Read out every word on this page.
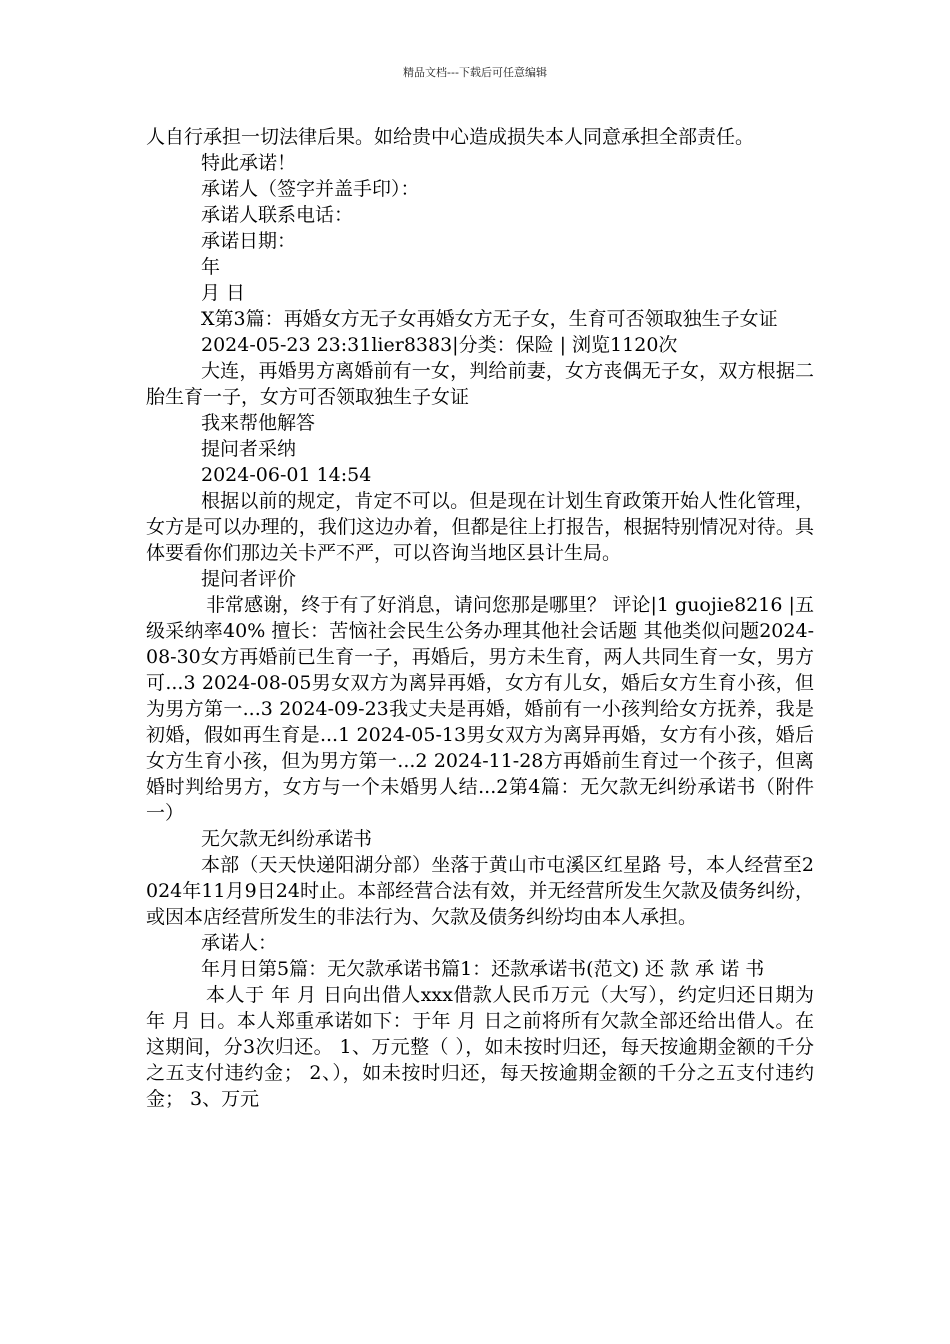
精品文档---下载后可任意编辑

人自行承担一切法律后果。如给贵中心造成损失本人同意承担全部责任。

特此承诺！

承诺人（签字并盖手印）：

承诺人联系电话：

承诺日期：

年

月 日

X第3篇：再婚女方无子女再婚女方无子女，生育可否领取独生子女证

2024-05-23 23:31lier8383|分类：保险 | 浏览1120次

大连，再婚男方离婚前有一女，判给前妻，女方丧偶无子女，双方根据二胎生育一子，女方可否领取独生子女证

我来帮他解答

提问者采纳

2024-06-01 14:54

根据以前的规定，肯定不可以。但是现在计划生育政策开始人性化管理，女方是可以办理的，我们这边办着，但都是往上打报告，根据特别情况对待。具体要看你们那边关卡严不严，可以咨询当地区县计生局。

提问者评价

非常感谢，终于有了好消息，请问您那是哪里？ 评论|1 guojie8216 |五级采纳率40% 擅长：苦恼社会民生公务办理其他社会话题 其他类似问题2024-08-30女方再婚前已生育一子，再婚后，男方未生育，两人共同生育一女，男方可...3 2024-08-05男女双方为离异再婚，女方有儿女，婚后女方生育小孩，但为男方第一...3 2024-09-23我丈夫是再婚，婚前有一小孩判给女方抚养，我是初婚，假如再生育是...1 2024-05-13男女双方为离异再婚，女方有小孩，婚后女方生育小孩，但为男方第一...2 2024-11-28方再婚前生育过一个孩子，但离婚时判给男方，女方与一个未婚男人结...2第4篇：无欠款无纠纷承诺书（附件一）

无欠款无纠纷承诺书

本部（天天快递阳湖分部）坐落于黄山市屯溪区红星路 号，本人经营至2024年11月9日24时止。本部经营合法有效，并无经营所发生欠款及债务纠纷，或因本店经营所发生的非法行为、欠款及债务纠纷均由本人承担。

承诺人：

年月日第5篇：无欠款承诺书篇1：还款承诺书(范文) 还 款 承 诺 书

本人于 年 月 日向出借人xxx借款人民币万元（大写），约定归还日期为 年 月 日。本人郑重承诺如下：于年 月 日之前将所有欠款全部还给出借人。在这期间，分3次归还。 1、万元整（ ），如未按时归还，每天按逾期金额的千分之五支付违约金； 2、），如未按时归还，每天按逾期金额的千分之五支付违约金； 3、万元
